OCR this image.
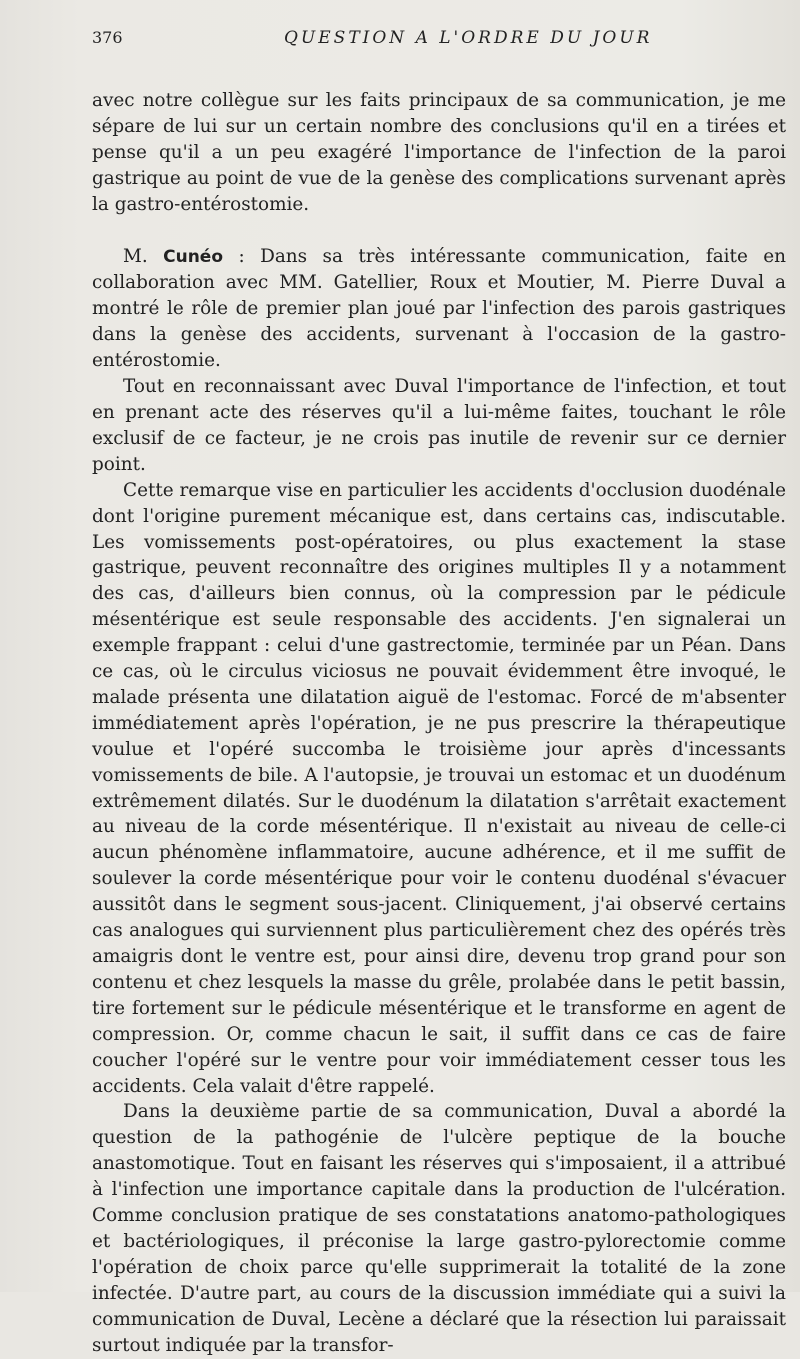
376	QUESTION A L'ORDRE DU JOUR

avec notre collègue sur les faits principaux de sa communication, je me sépare de lui sur un certain nombre des conclusions qu'il en a tirées et pense qu'il a un peu exagéré l'importance de l'infection de la paroi gastrique au point de vue de la genèse des complications survenant après la gastro-entérostomie.

M. Cunéo : Dans sa très intéressante communication, faite en collaboration avec MM. Gatellier, Roux et Moutier, M. Pierre Duval a montré le rôle de premier plan joué par l'infection des parois gastriques dans la genèse des accidents, survenant à l'occasion de la gastro-entérostomie.

Tout en reconnaissant avec Duval l'importance de l'infection, et tout en prenant acte des réserves qu'il a lui-même faites, touchant le rôle exclusif de ce facteur, je ne crois pas inutile de revenir sur ce dernier point.

Cette remarque vise en particulier les accidents d'occlusion duodénale dont l'origine purement mécanique est, dans certains cas, indiscutable. Les vomissements post-opératoires, ou plus exactement la stase gastrique, peuvent reconnaître des origines multiples Il y a notamment des cas, d'ailleurs bien connus, où la compression par le pédicule mésentérique est seule responsable des accidents. J'en signalerai un exemple frappant : celui d'une gastrectomie, terminée par un Péan. Dans ce cas, où le circulus viciosus ne pouvait évidemment être invoqué, le malade présenta une dilatation aiguë de l'estomac. Forcé de m'absenter immédiatement après l'opération, je ne pus prescrire la thérapeutique voulue et l'opéré succomba le troisième jour après d'incessants vomissements de bile. A l'autopsie, je trouvai un estomac et un duodénum extrêmement dilatés. Sur le duodénum la dilatation s'arrêtait exactement au niveau de la corde mésentérique. Il n'existait au niveau de celle-ci aucun phénomène inflammatoire, aucune adhérence, et il me suffit de soulever la corde mésentérique pour voir le contenu duodénal s'évacuer aussitôt dans le segment sous-jacent. Cliniquement, j'ai observé certains cas analogues qui surviennent plus particulièrement chez des opérés très amaigris dont le ventre est, pour ainsi dire, devenu trop grand pour son contenu et chez lesquels la masse du grêle, prolabée dans le petit bassin, tire fortement sur le pédicule mésentérique et le transforme en agent de compression. Or, comme chacun le sait, il suffit dans ce cas de faire coucher l'opéré sur le ventre pour voir immédiatement cesser tous les accidents. Cela valait d'être rappelé.

Dans la deuxième partie de sa communication, Duval a abordé la question de la pathogénie de l'ulcère peptique de la bouche anastomotique. Tout en faisant les réserves qui s'imposaient, il a attribué à l'infection une importance capitale dans la production de l'ulcération. Comme conclusion pratique de ses constatations anatomo-pathologiques et bactériologiques, il préconise la large gastro-pylorectomie comme l'opération de choix parce qu'elle supprimerait la totalité de la zone infectée. D'autre part, au cours de la discussion immédiate qui a suivi la communication de Duval, Lecène a déclaré que la résection lui paraissait surtout indiquée par la transfor-
